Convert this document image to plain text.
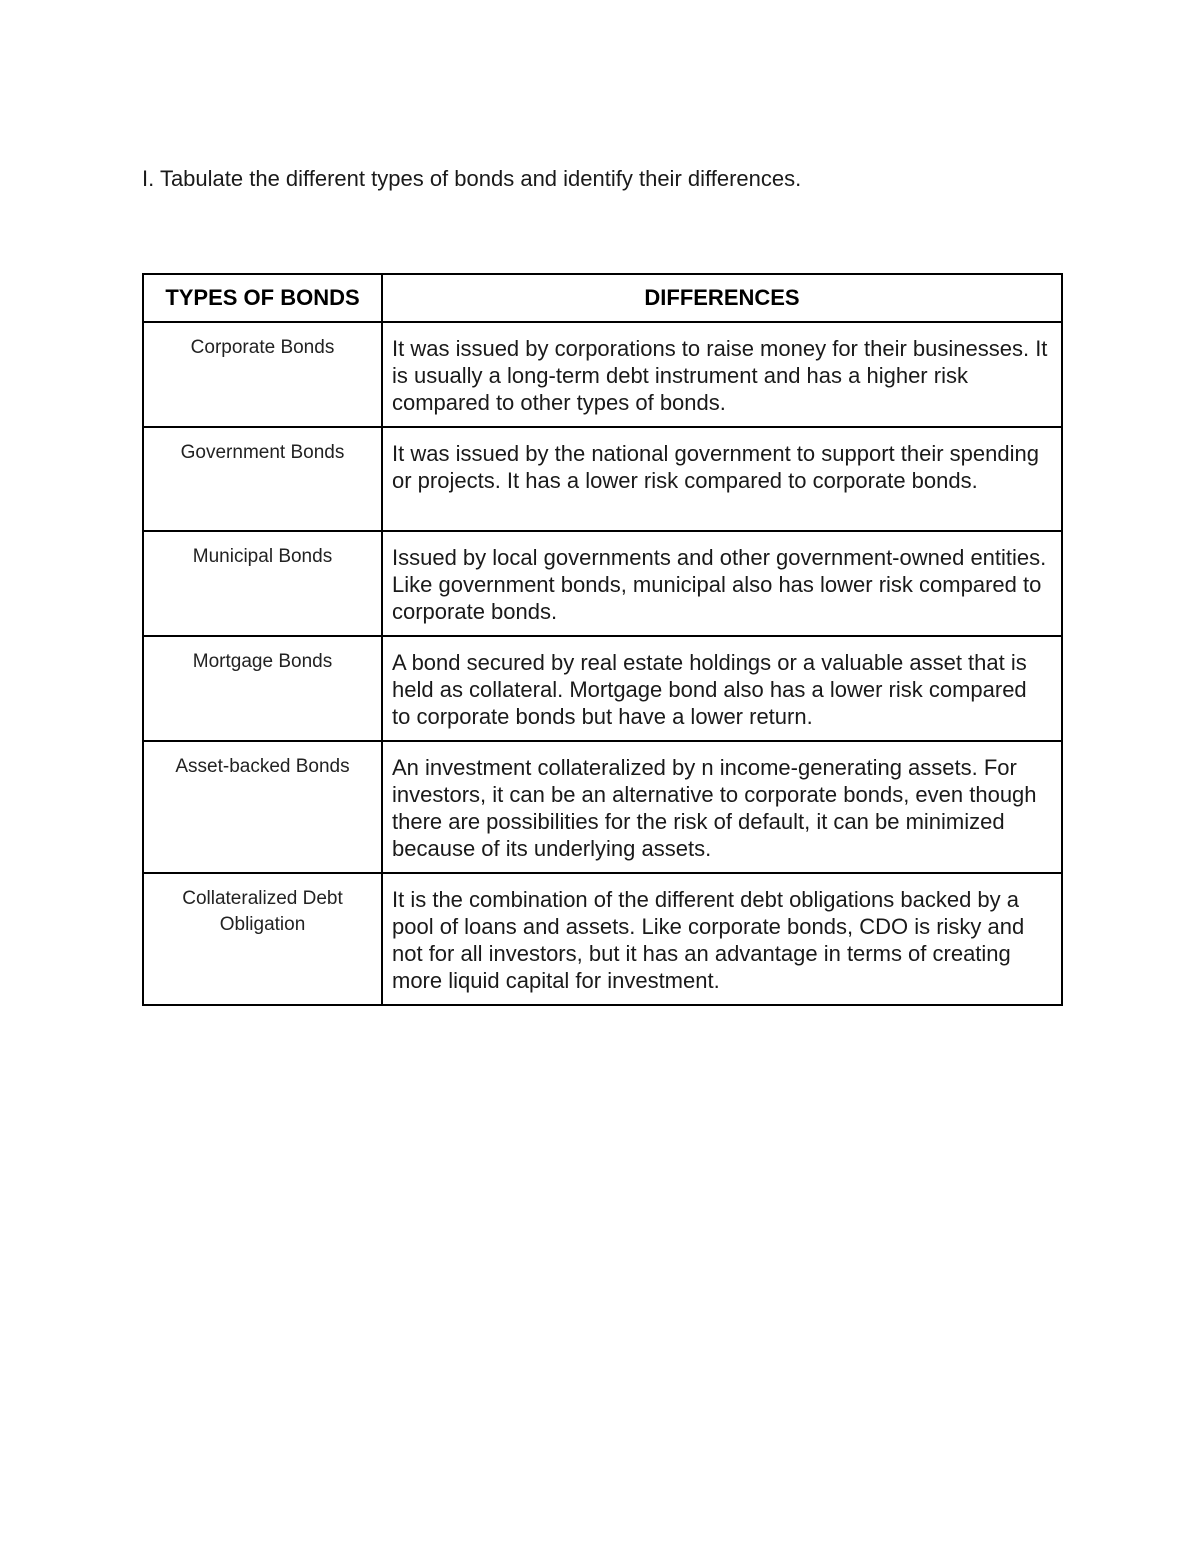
I. Tabulate the different types of bonds and identify their differences.
TYPES OF BONDS	DIFFERENCES
Corporate Bonds	It was issued by corporations to raise money for their businesses. It is usually a long-term debt instrument and has a higher risk compared to other types of bonds.
Government Bonds	It was issued by the national government to support their spending or projects. It has a lower risk compared to corporate bonds.
Municipal Bonds	Issued by local governments and other government-owned entities. Like government bonds, municipal also has lower risk compared to corporate bonds.
Mortgage Bonds	A bond secured by real estate holdings or a valuable asset that is held as collateral. Mortgage bond also has a lower risk compared to corporate bonds but have a lower return.
Asset-backed Bonds	An investment collateralized by n income-generating assets. For investors, it can be an alternative to corporate bonds, even though there are possibilities for the risk of default, it can be minimized because of its underlying assets.
Collateralized Debt Obligation	It is the combination of the different debt obligations backed by a pool of loans and assets. Like corporate bonds, CDO is risky and not for all investors, but it has an advantage in terms of creating more liquid capital for investment.
